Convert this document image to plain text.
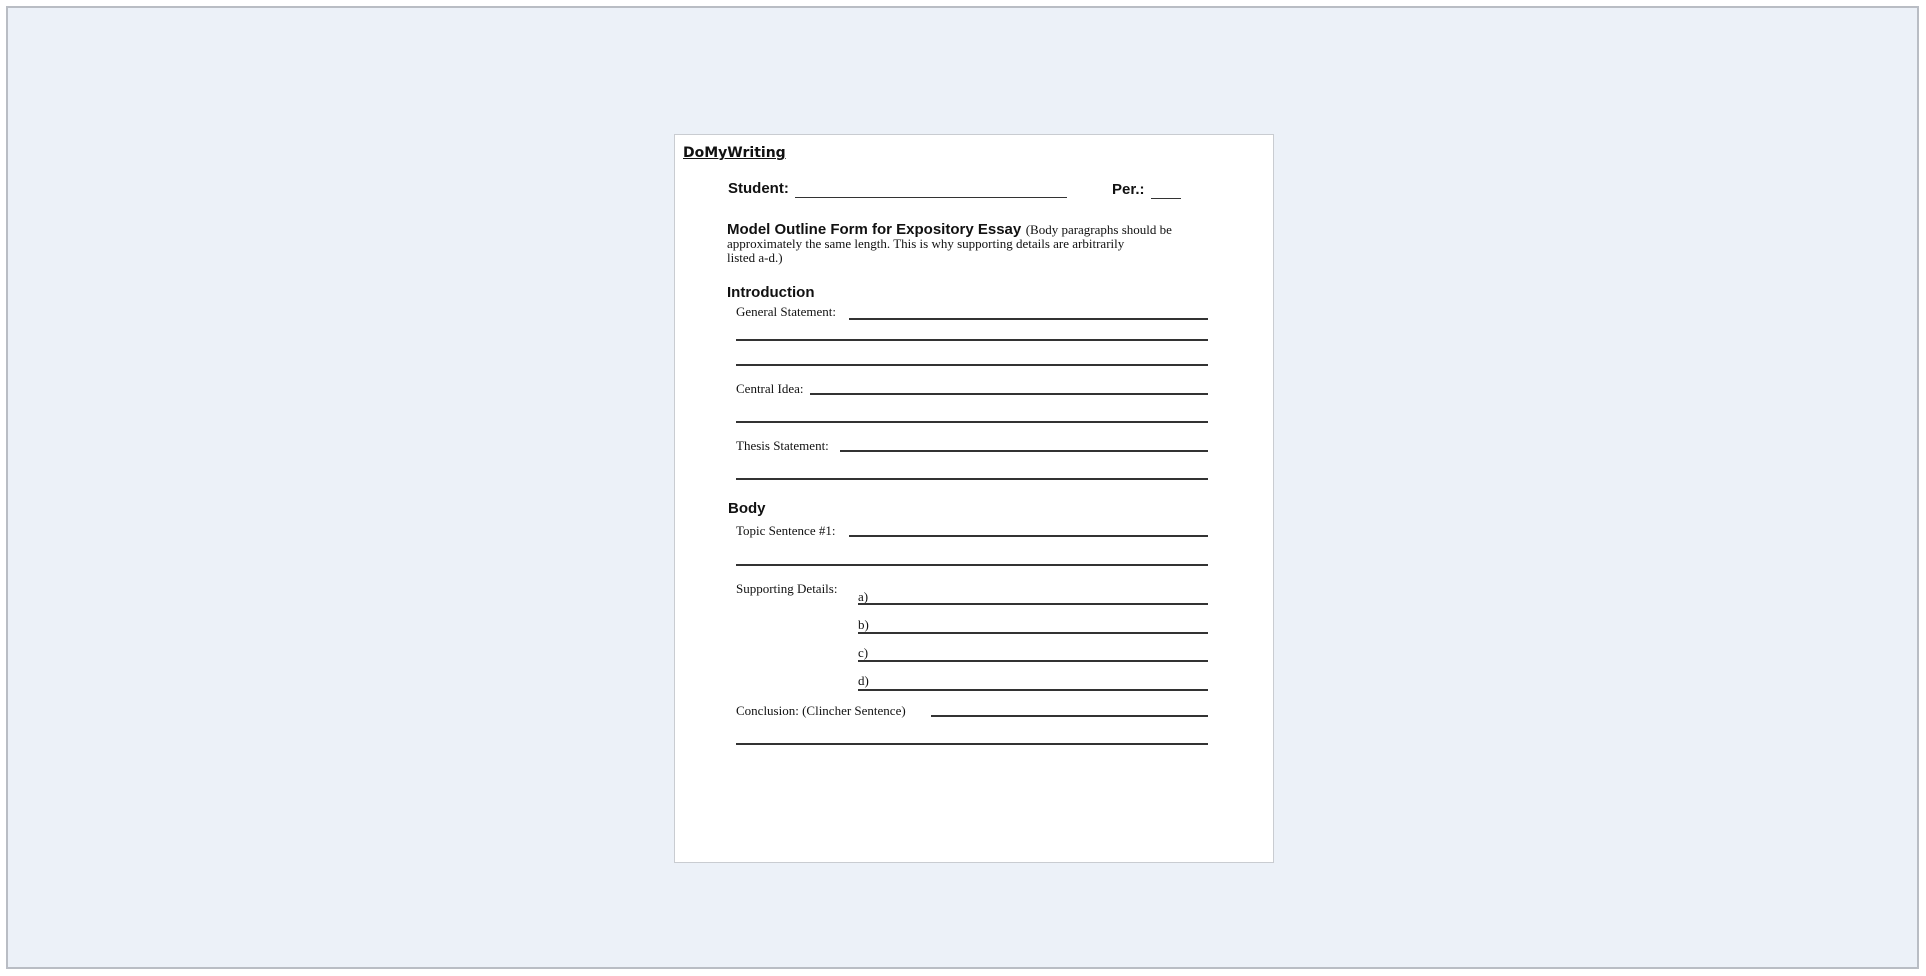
DoMyWriting
Student:	Per.:
Model Outline Form for Expository Essay (Body paragraphs should be
approximately the same length. This is why supporting details are arbitrarily
listed a-d.)
Introduction
General Statement:
Central Idea:
Thesis Statement:
Body
Topic Sentence #1:
Supporting Details:
a)
b)
c)
d)
Conclusion: (Clincher Sentence)
